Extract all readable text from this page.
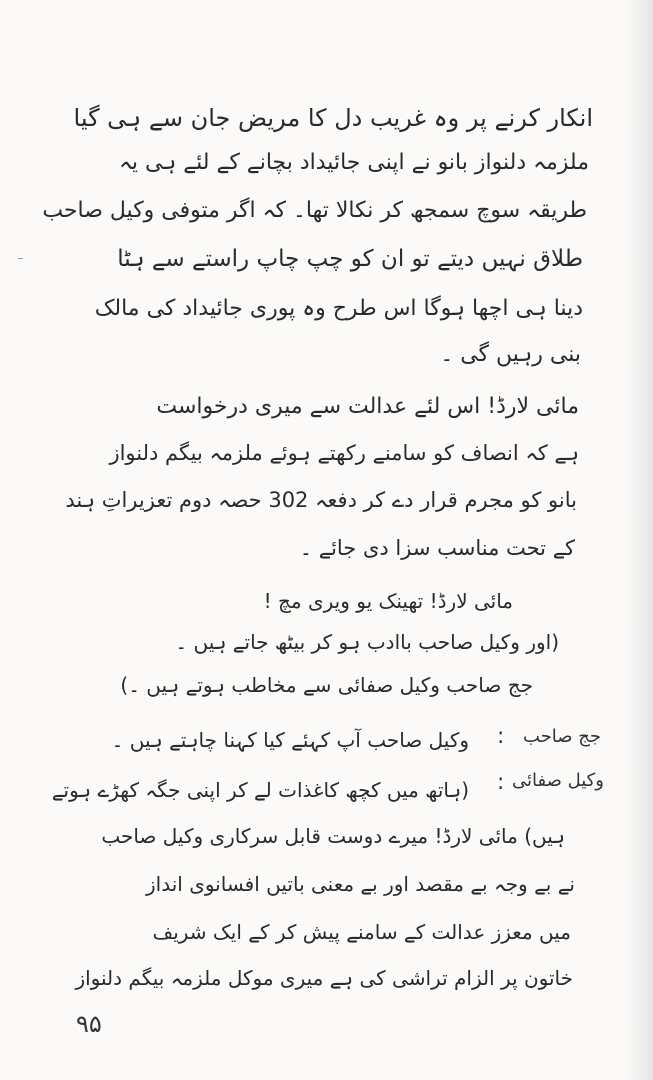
انکار کرنے پر وہ غریب دل کا مریض جان سے ہی گیا
ملزمہ دلنواز بانو نے اپنی جائیداد بچانے کے لئے ہی یہ
طریقہ سوچ سمجھ کر نکالا تھا۔ کہ اگر متوفی وکیل صاحب
طلاق نہیں دیتے تو ان کو چپ چاپ راستے سے ہٹا
دینا ہی اچھا ہوگا اس طرح وہ پوری جائیداد کی مالک
بنی رہیں گی ۔
مائی لارڈ! اس لئے عدالت سے میری درخواست
ہے کہ انصاف کو سامنے رکھتے ہوئے ملزمہ بیگم دلنواز
بانو کو مجرم قرار دے کر دفعہ 302 حصہ دوم تعزیراتِ ہند
کے تحت مناسب سزا دی جائے ۔
مائی لارڈ! تھینک یو ویری مچ !
(اور وکیل صاحب باادب ہو کر بیٹھ جاتے ہیں ۔
جج صاحب وکیل صفائی سے مخاطب ہوتے ہیں ۔)
جج صاحب
:
وکیل صاحب آپ کہئے کیا کہنا چاہتے ہیں ۔
وکیل صفائی
:
(ہاتھ میں کچھ کاغذات لے کر اپنی جگہ کھڑے ہوتے
ہیں) مائی لارڈ! میرے دوست قابل سرکاری وکیل صاحب
نے بے وجہ بے مقصد اور بے معنی باتیں افسانوی انداز
میں معزز عدالت کے سامنے پیش کر کے ایک شریف
خاتون پر الزام تراشی کی ہے میری موکل ملزمہ بیگم دلنواز
۹۵
